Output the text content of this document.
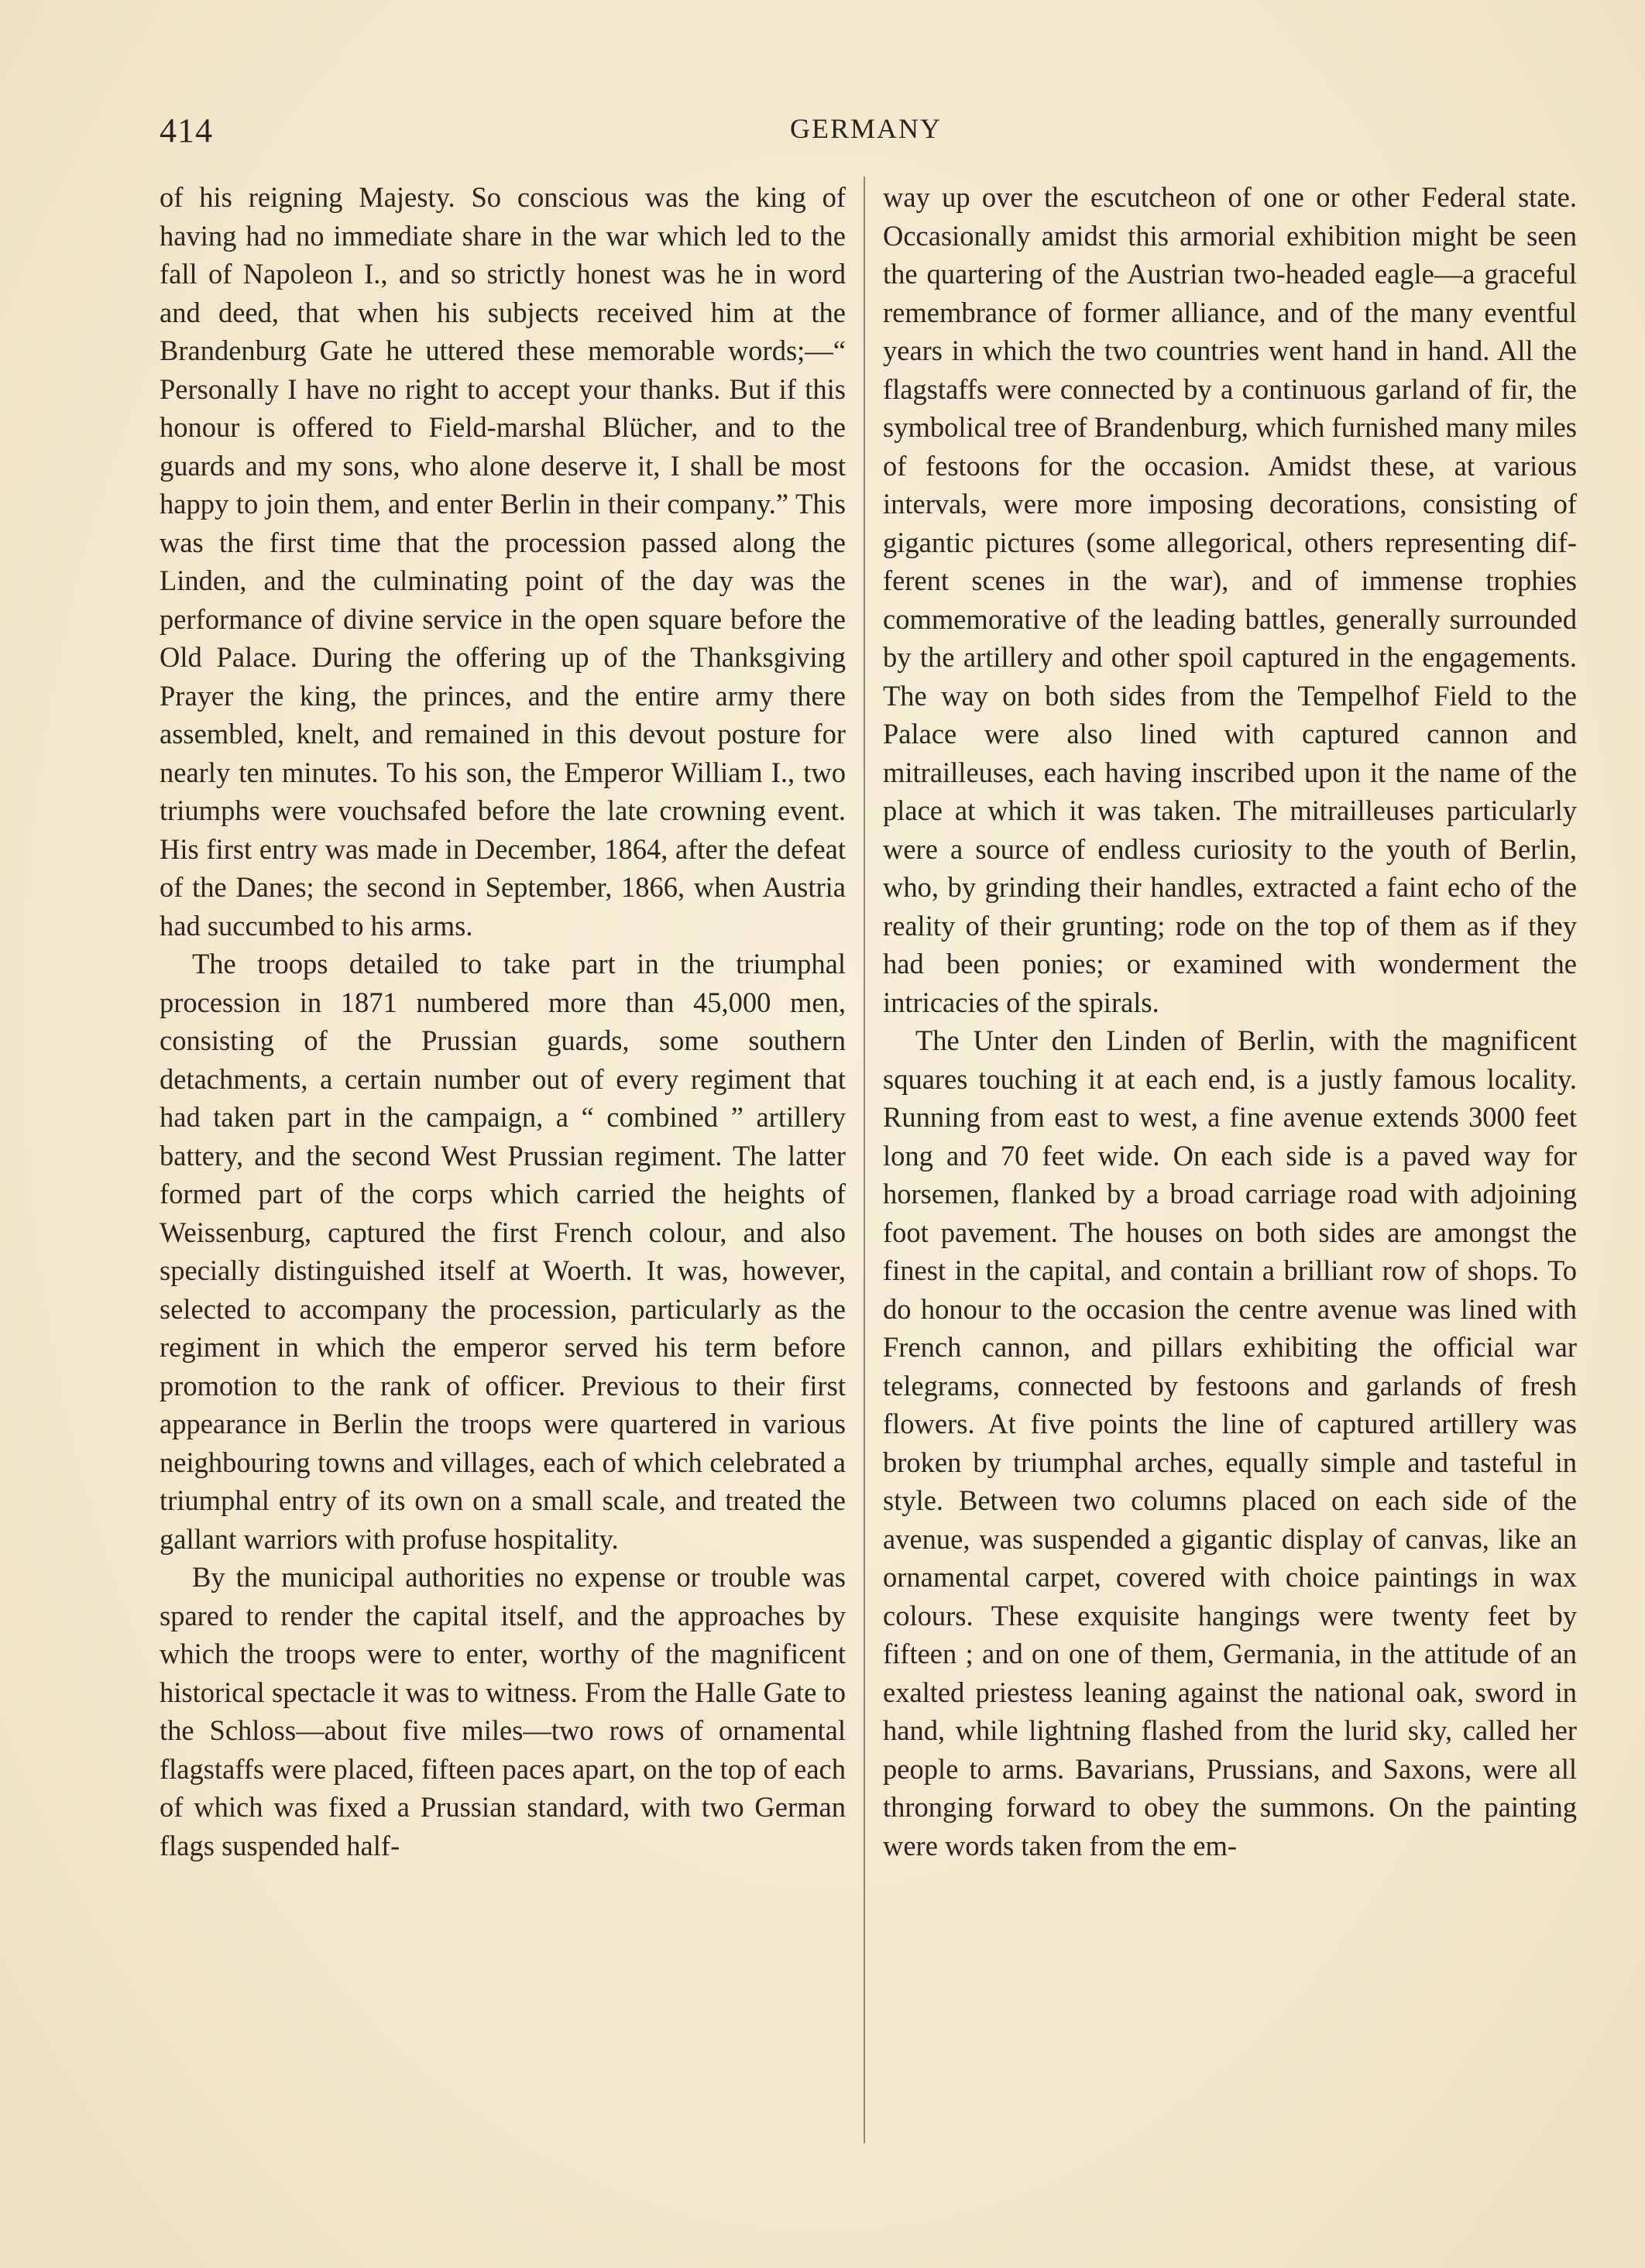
414	GERMANY

of his reigning Majesty. So conscious was the king of having had no immediate share in the war which led to the fall of Napoleon I., and so strictly honest was he in word and deed, that when his subjects received him at the Brandenburg Gate he uttered these memorable words;—“ Personally I have no right to accept your thanks. But if this honour is offered to Field-marshal Blücher, and to the guards and my sons, who alone deserve it, I shall be most happy to join them, and enter Berlin in their company.” This was the first time that the procession passed along the Linden, and the culminating point of the day was the performance of divine service in the open square before the Old Palace. During the offering up of the Thanksgiving Prayer the king, the princes, and the entire army there assembled, knelt, and remained in this devout posture for nearly ten minutes. To his son, the Emperor William I., two triumphs were vouchsafed before the late crowning event. His first entry was made in December, 1864, after the defeat of the Danes; the second in September, 1866, when Austria had succumbed to his arms.

The troops detailed to take part in the triumphal procession in 1871 numbered more than 45,000 men, consisting of the Prussian guards, some southern detachments, a certain number out of every regiment that had taken part in the campaign, a “ combined ” artillery battery, and the second West Prussian regiment. The latter formed part of the corps which carried the heights of Weissenburg, captured the first French colour, and also specially distinguished itself at Woerth. It was, however, selected to accompany the procession, particularly as the regiment in which the emperor served his term before promotion to the rank of officer. Previous to their first appearance in Berlin the troops were quartered in various neighbouring towns and villages, each of which celebrated a triumphal entry of its own on a small scale, and treated the gallant warriors with profuse hospitality.

By the municipal authorities no expense or trouble was spared to render the capital itself, and the approaches by which the troops were to enter, worthy of the magnificent historical spectacle it was to witness. From the Halle Gate to the Schloss—about five miles—two rows of ornamental flagstaffs were placed, fifteen paces apart, on the top of each of which was fixed a Prussian standard, with two German flags suspended half-

way up over the escutcheon of one or other Federal state. Occasionally amidst this armorial exhibition might be seen the quartering of the Austrian two-headed eagle—a graceful remembrance of former alliance, and of the many eventful years in which the two countries went hand in hand. All the flagstaffs were connected by a continuous garland of fir, the symbolical tree of Brandenburg, which furnished many miles of festoons for the occasion. Amidst these, at various intervals, were more imposing decorations, consisting of gigantic pictures (some allegorical, others representing different scenes in the war), and of immense trophies commemorative of the leading battles, generally surrounded by the artillery and other spoil captured in the engagements. The way on both sides from the Tempelhof Field to the Palace were also lined with captured cannon and mitrailleuses, each having inscribed upon it the name of the place at which it was taken. The mitrailleuses particularly were a source of endless curiosity to the youth of Berlin, who, by grinding their handles, extracted a faint echo of the reality of their grunting; rode on the top of them as if they had been ponies; or examined with wonderment the intricacies of the spirals.

The Unter den Linden of Berlin, with the magnificent squares touching it at each end, is a justly famous locality. Running from east to west, a fine avenue extends 3000 feet long and 70 feet wide. On each side is a paved way for horsemen, flanked by a broad carriage road with adjoining foot pavement. The houses on both sides are amongst the finest in the capital, and contain a brilliant row of shops. To do honour to the occasion the centre avenue was lined with French cannon, and pillars exhibiting the official war telegrams, connected by festoons and garlands of fresh flowers. At five points the line of captured artillery was broken by triumphal arches, equally simple and tasteful in style. Between two columns placed on each side of the avenue, was suspended a gigantic display of canvas, like an ornamental carpet, covered with choice paintings in wax colours. These exquisite hangings were twenty feet by fifteen ; and on one of them, Germania, in the attitude of an exalted priestess leaning against the national oak, sword in hand, while lightning flashed from the lurid sky, called her people to arms. Bavarians, Prussians, and Saxons, were all thronging forward to obey the summons. On the painting were words taken from the em-
